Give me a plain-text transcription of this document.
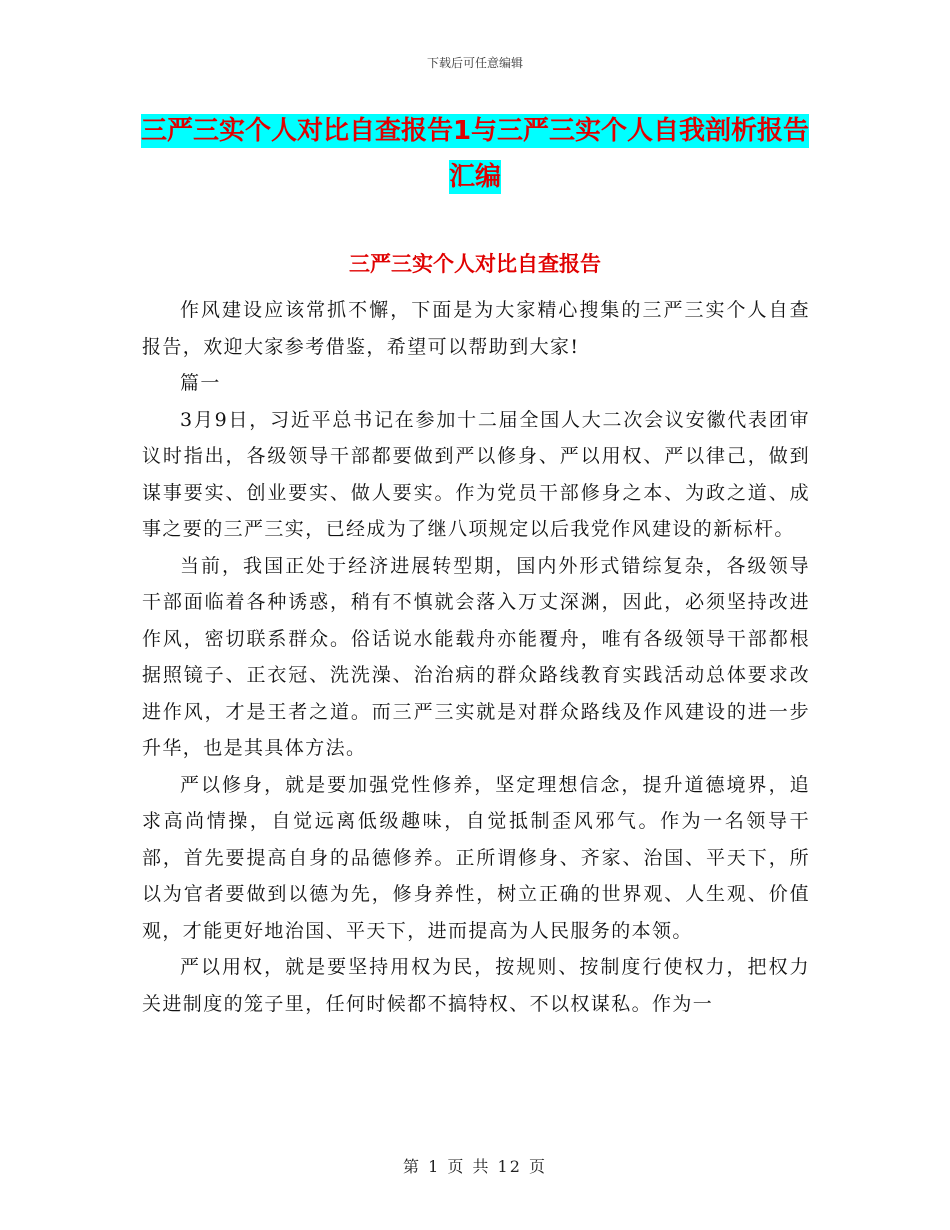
下载后可任意编辑
三严三实个人对比自查报告1与三严三实个人自我剖析报告汇编
三严三实个人对比自查报告

作风建设应该常抓不懈，下面是为大家精心搜集的三严三实个人自查报告，欢迎大家参考借鉴，希望可以帮助到大家!

篇一

3月9日，习近平总书记在参加十二届全国人大二次会议安徽代表团审议时指出，各级领导干部都要做到严以修身、严以用权、严以律己，做到谋事要实、创业要实、做人要实。作为党员干部修身之本、为政之道、成事之要的三严三实，已经成为了继八项规定以后我党作风建设的新标杆。

当前，我国正处于经济进展转型期，国内外形式错综复杂，各级领导干部面临着各种诱惑，稍有不慎就会落入万丈深渊，因此，必须坚持改进作风，密切联系群众。俗话说水能载舟亦能覆舟，唯有各级领导干部都根据照镜子、正衣冠、洗洗澡、治治病的群众路线教育实践活动总体要求改进作风，才是王者之道。而三严三实就是对群众路线及作风建设的进一步升华，也是其具体方法。

严以修身，就是要加强党性修养，坚定理想信念，提升道德境界，追求高尚情操，自觉远离低级趣味，自觉抵制歪风邪气。作为一名领导干部，首先要提高自身的品德修养。正所谓修身、齐家、治国、平天下，所以为官者要做到以德为先，修身养性，树立正确的世界观、人生观、价值观，才能更好地治国、平天下，进而提高为人民服务的本领。

严以用权，就是要坚持用权为民，按规则、按制度行使权力，把权力关进制度的笼子里，任何时候都不搞特权、不以权谋私。作为一

第 1 页 共 12 页
